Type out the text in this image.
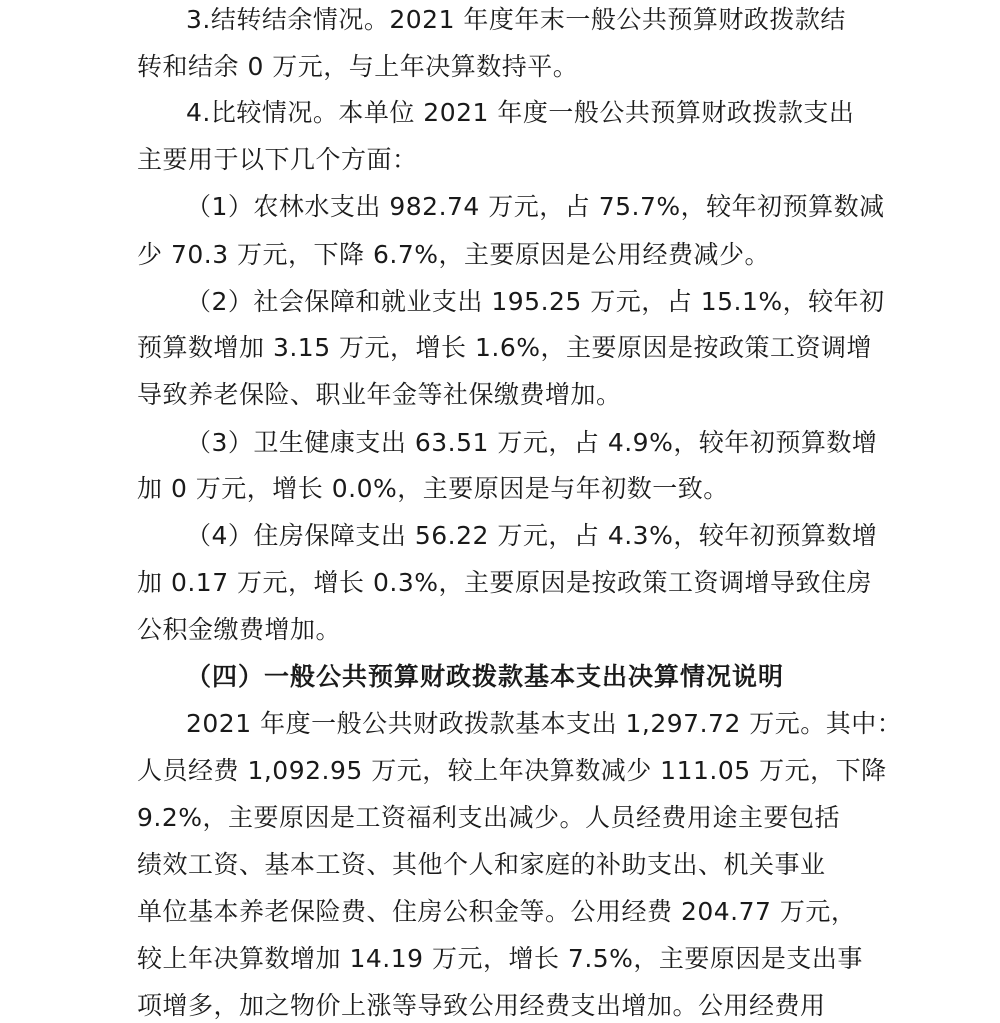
3.结转结余情况。2021 年度年末一般公共预算财政拨款结
转和结余 0 万元，与上年决算数持平。
4.比较情况。本单位 2021 年度一般公共预算财政拨款支出
主要用于以下几个方面：
（1）农林水支出 982.74 万元，占 75.7%，较年初预算数减
少 70.3 万元，下降 6.7%，主要原因是公用经费减少。
（2）社会保障和就业支出 195.25 万元，占 15.1%，较年初
预算数增加 3.15 万元，增长 1.6%，主要原因是按政策工资调增
导致养老保险、职业年金等社保缴费增加。
（3）卫生健康支出 63.51 万元，占 4.9%，较年初预算数增
加 0 万元，增长 0.0%，主要原因是与年初数一致。
（4）住房保障支出 56.22 万元，占 4.3%，较年初预算数增
加 0.17 万元，增长 0.3%，主要原因是按政策工资调增导致住房
公积金缴费增加。
（四）一般公共预算财政拨款基本支出决算情况说明
2021 年度一般公共财政拨款基本支出 1,297.72 万元。其中：
人员经费 1,092.95 万元，较上年决算数减少 111.05 万元，下降
9.2%，主要原因是工资福利支出减少。人员经费用途主要包括
绩效工资、基本工资、其他个人和家庭的补助支出、机关事业
单位基本养老保险费、住房公积金等。公用经费 204.77 万元，
较上年决算数增加 14.19 万元，增长 7.5%，主要原因是支出事
项增多，加之物价上涨等导致公用经费支出增加。公用经费用
